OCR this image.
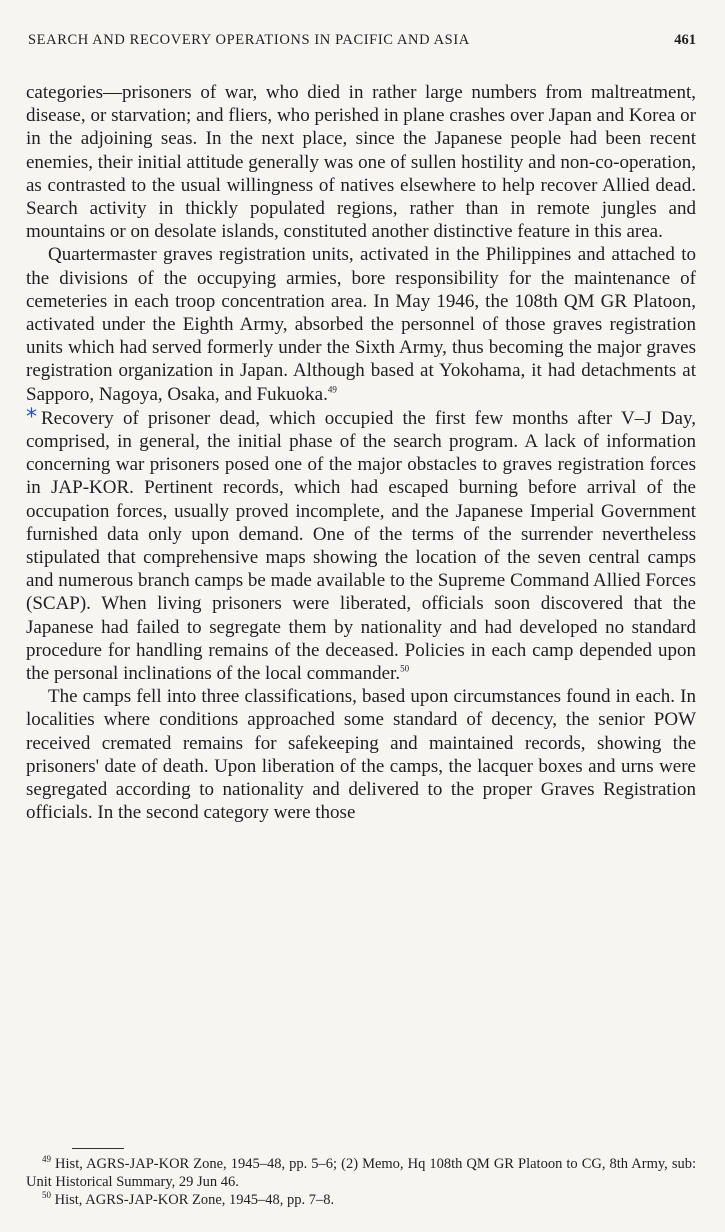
SEARCH AND RECOVERY OPERATIONS IN PACIFIC AND ASIA	461

categories—prisoners of war, who died in rather large numbers from maltreatment, disease, or starvation; and fliers, who perished in plane crashes over Japan and Korea or in the adjoining seas. In the next place, since the Japanese people had been recent enemies, their initial attitude generally was one of sullen hostility and non-co-operation, as contrasted to the usual willingness of natives elsewhere to help recover Allied dead. Search activity in thickly populated regions, rather than in remote jungles and mountains or on desolate islands, constituted another distinctive feature in this area.

Quartermaster graves registration units, activated in the Philippines and attached to the divisions of the occupying armies, bore responsibility for the maintenance of cemeteries in each troop concentration area. In May 1946, the 108th QM GR Platoon, activated under the Eighth Army, absorbed the personnel of those graves registration units which had served formerly under the Sixth Army, thus becoming the major graves registration organization in Japan. Although based at Yokohama, it had detachments at Sapporo, Nagoya, Osaka, and Fukuoka.$^{49}$

* Recovery of prisoner dead, which occupied the first few months after V–J Day, comprised, in general, the initial phase of the search program. A lack of information concerning war prisoners posed one of the major obstacles to graves registration forces in JAP-KOR. Pertinent records, which had escaped burning before arrival of the occupation forces, usually proved incomplete, and the Japanese Imperial Government furnished data only upon demand. One of the terms of the surrender nevertheless stipulated that comprehensive maps showing the location of the seven central camps and numerous branch camps be made available to the Supreme Command Allied Forces (SCAP). When living prisoners were liberated, officials soon discovered that the Japanese had failed to segregate them by nationality and had developed no standard procedure for handling remains of the deceased. Policies in each camp depended upon the personal inclinations of the local commander.$^{50}$

The camps fell into three classifications, based upon circumstances found in each. In localities where conditions approached some standard of decency, the senior POW received cremated remains for safekeeping and maintained records, showing the prisoners' date of death. Upon liberation of the camps, the lacquer boxes and urns were segregated according to nationality and delivered to the proper Graves Registration officials. In the second category were those

$^{49}$ Hist, AGRS-JAP-KOR Zone, 1945–48, pp. 5–6; (2) Memo, Hq 108th QM GR Platoon to CG, 8th Army, sub: Unit Historical Summary, 29 Jun 46.

$^{50}$ Hist, AGRS-JAP-KOR Zone, 1945–48, pp. 7–8.
